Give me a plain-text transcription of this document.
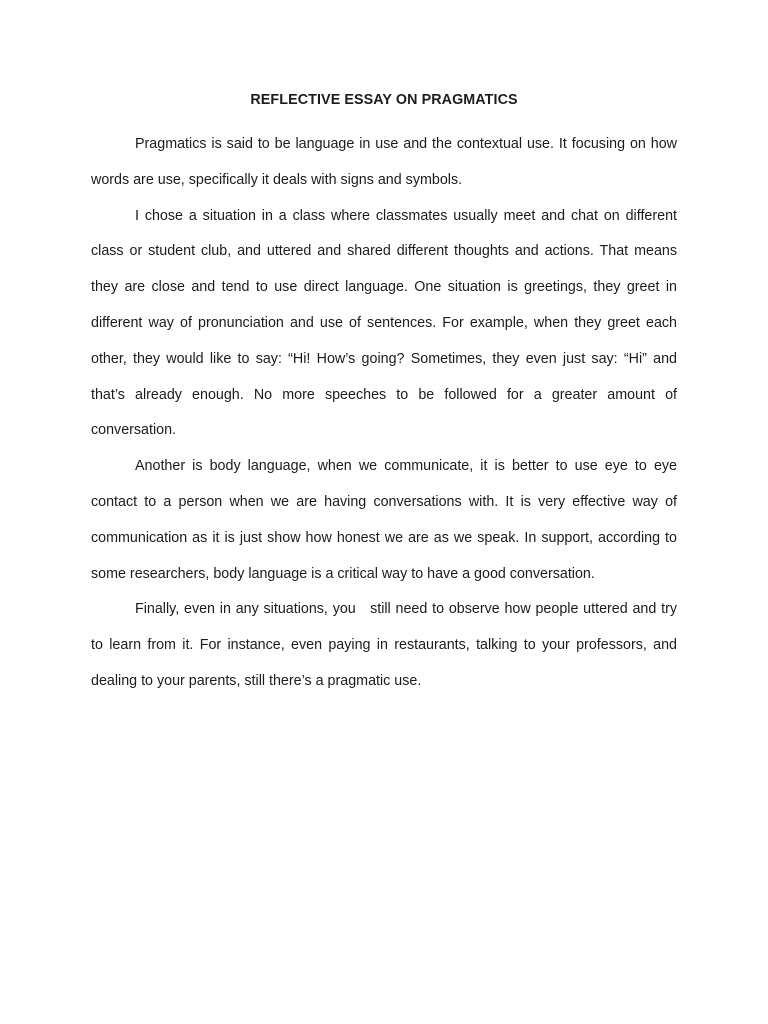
REFLECTIVE ESSAY ON PRAGMATICS

Pragmatics is said to be language in use and the contextual use. It focusing on how words are use, specifically it deals with signs and symbols.

I chose a situation in a class where classmates usually meet and chat on different class or student club, and uttered and shared different thoughts and actions. That means they are close and tend to use direct language. One situation is greetings, they greet in different way of pronunciation and use of sentences. For example, when they greet each other, they would like to say: “Hi! How’s going? Sometimes, they even just say: “Hi” and that’s already enough. No more speeches to be followed for a greater amount of conversation.

Another is body language, when we communicate, it is better to use eye to eye contact to a person when we are having conversations with. It is very effective way of communication as it is just show how honest we are as we speak. In support, according to some researchers, body language is a critical way to have a good conversation.

Finally, even in any situations, you   still need to observe how people uttered and try to learn from it. For instance, even paying in restaurants, talking to your professors, and dealing to your parents, still there’s a pragmatic use.
